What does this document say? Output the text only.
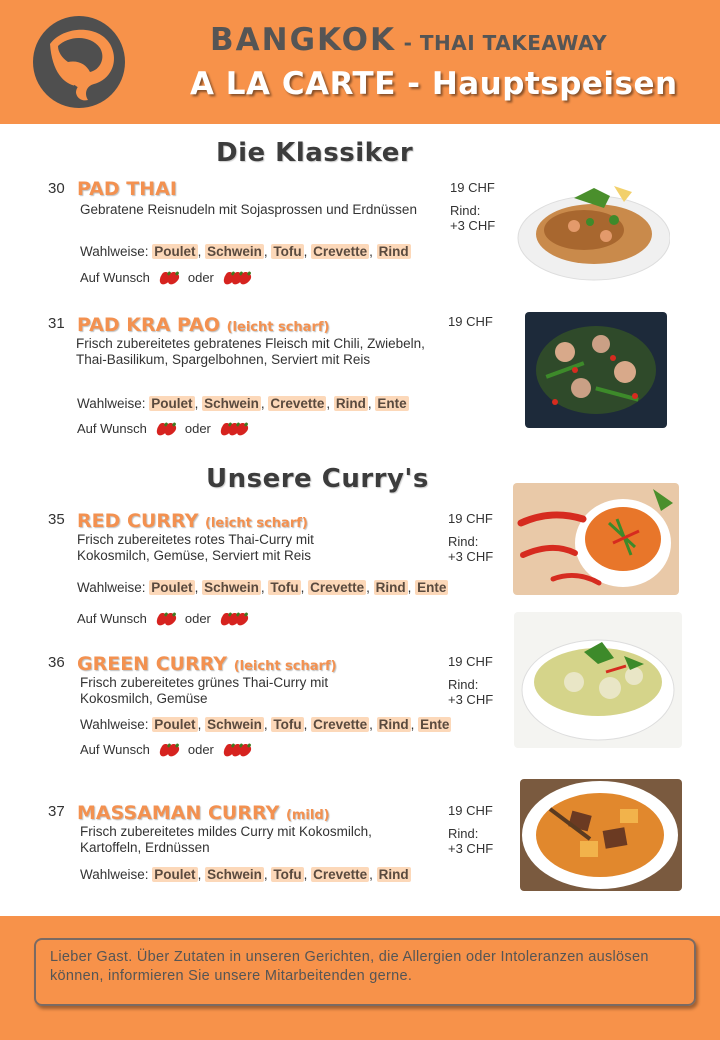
BANGKOK - THAI TAKEAWAY
A LA CARTE - Hauptspeisen
Die Klassiker
30 PAD THAI
Gebratene Reisnudeln mit Sojasprossen und Erdnüssen
Wahlweise: Poulet , Schwein , Tofu , Crevette , Rind
Auf Wunsch	oder
19 CHF
Rind:
+3 CHF
31 PAD KRA PAO (leicht scharf)
Frisch zubereitetes gebratenes Fleisch mit Chili, Zwiebeln, Thai-Basilikum, Spargelbohnen, Serviert mit Reis
Wahlweise: Poulet , Schwein , Crevette , Rind , Ente
Auf Wunsch	oder
19 CHF
Unsere Curry's
35 RED CURRY (leicht scharf)
Frisch zubereitetes rotes Thai-Curry mit Kokosmilch, Gemüse, Serviert mit Reis
Wahlweise: Poulet , Schwein , Tofu , Crevette , Rind , Ente
Auf Wunsch	oder
19 CHF
Rind:
+3 CHF
36 GREEN CURRY (leicht scharf)
Frisch zubereitetes grünes Thai-Curry mit Kokosmilch, Gemüse
Wahlweise: Poulet , Schwein , Tofu , Crevette , Rind , Ente
Auf Wunsch	oder
19 CHF
Rind:
+3 CHF
37 MASSAMAN CURRY (mild)
Frisch zubereitetes mildes Curry mit Kokosmilch, Kartoffeln, Erdnüssen
Wahlweise: Poulet , Schwein , Tofu , Crevette , Rind
19 CHF
Rind:
+3 CHF
Lieber Gast. Über Zutaten in unseren Gerichten, die Allergien oder Intoleranzen auslösen können, informieren Sie unsere Mitarbeitenden gerne.
